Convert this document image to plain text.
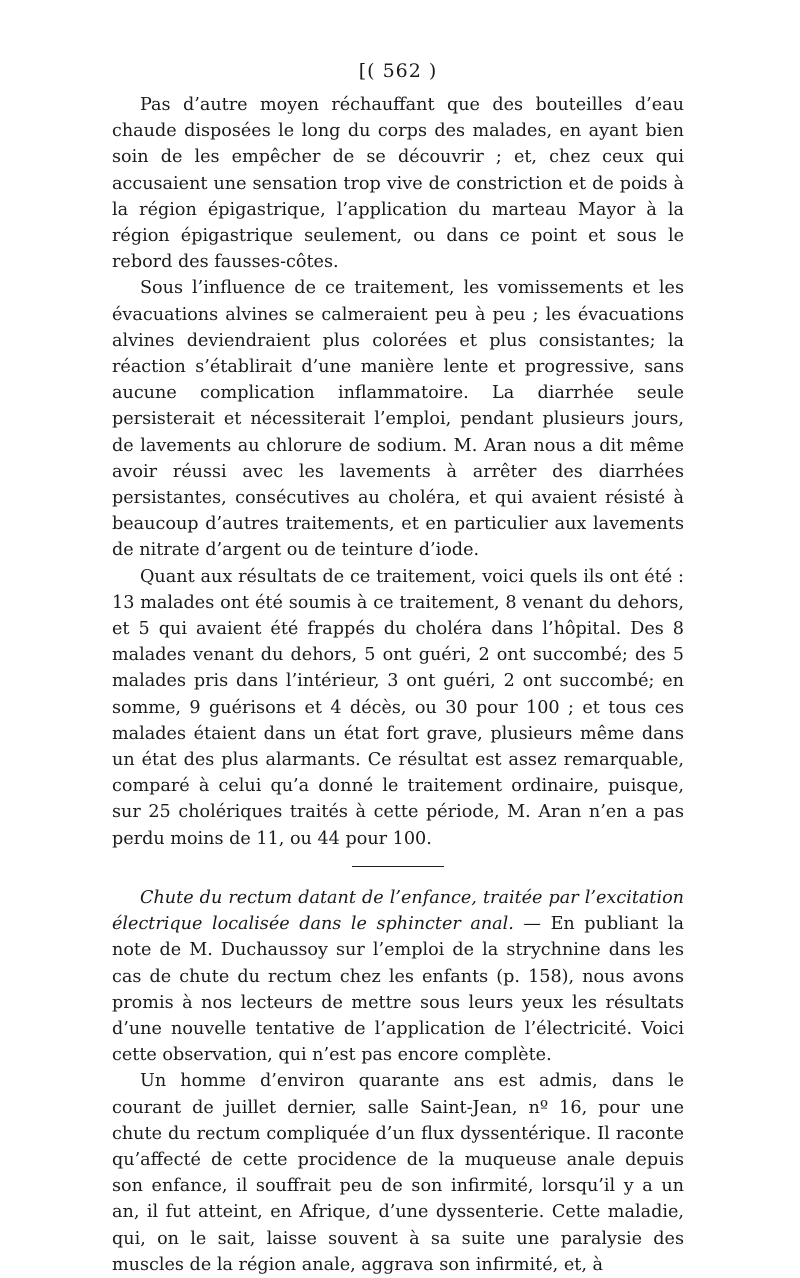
[( 562 )

Pas d’autre moyen réchauffant que des bouteilles d’eau chaude disposées le long du corps des malades, en ayant bien soin de les empêcher de se découvrir ; et, chez ceux qui accusaient une sensation trop vive de constriction et de poids à la région épigastrique, l’application du marteau Mayor à la région épigastrique seulement, ou dans ce point et sous le rebord des fausses-côtes.

Sous l’influence de ce traitement, les vomissements et les évacuations alvines se calmeraient peu à peu ; les évacuations alvines deviendraient plus colorées et plus consistantes; la réaction s’établirait d’une manière lente et progressive, sans aucune complication inflammatoire. La diarrhée seule persisterait et nécessiterait l’emploi, pendant plusieurs jours, de lavements au chlorure de sodium. M. Aran nous a dit même avoir réussi avec les lavements à arrêter des diarrhées persistantes, consécutives au choléra, et qui avaient résisté à beaucoup d’autres traitements, et en particulier aux lavements de nitrate d’argent ou de teinture d’iode.

Quant aux résultats de ce traitement, voici quels ils ont été : 13 malades ont été soumis à ce traitement, 8 venant du dehors, et 5 qui avaient été frappés du choléra dans l’hôpital. Des 8 malades venant du dehors, 5 ont guéri, 2 ont succombé; des 5 malades pris dans l’intérieur, 3 ont guéri, 2 ont succombé; en somme, 9 guérisons et 4 décès, ou 30 pour 100 ; et tous ces malades étaient dans un état fort grave, plusieurs même dans un état des plus alarmants. Ce résultat est assez remarquable, comparé à celui qu’a donné le traitement ordinaire, puisque, sur 25 cholériques traités à cette période, M. Aran n’en a pas perdu moins de 11, ou 44 pour 100.

Chute du rectum datant de l’enfance, traitée par l’excitation électrique localisée dans le sphincter anal. — En publiant la note de M. Duchaussoy sur l’emploi de la strychnine dans les cas de chute du rectum chez les enfants (p. 158), nous avons promis à nos lecteurs de mettre sous leurs yeux les résultats d’une nouvelle tentative de l’application de l’électricité. Voici cette observation, qui n’est pas encore complète.

Un homme d’environ quarante ans est admis, dans le courant de juillet dernier, salle Saint-Jean, nº 16, pour une chute du rectum compliquée d’un flux dyssentérique. Il raconte qu’affecté de cette procidence de la muqueuse anale depuis son enfance, il souffrait peu de son infirmité, lorsqu’il y a un an, il fut atteint, en Afrique, d’une dyssenterie. Cette maladie, qui, on le sait, laisse souvent à sa suite une paralysie des muscles de la région anale, aggrava son infirmité, et, à
